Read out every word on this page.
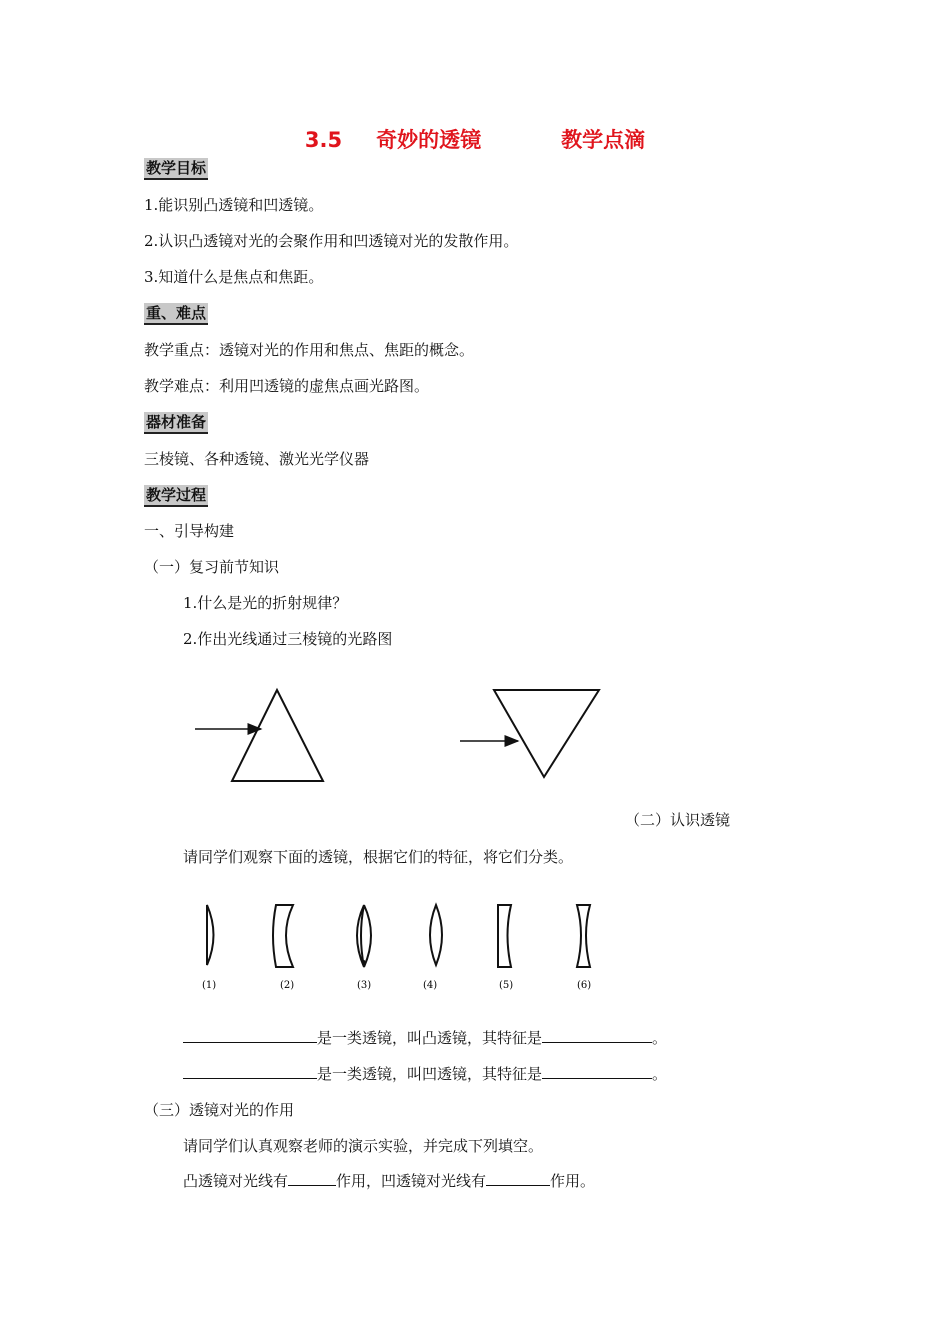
3.5 奇妙的透镜	教学点滴
教学目标
1.能识别凸透镜和凹透镜。
2.认识凸透镜对光的会聚作用和凹透镜对光的发散作用。
3.知道什么是焦点和焦距。
重、难点
教学重点：透镜对光的作用和焦点、焦距的概念。
教学难点：利用凹透镜的虚焦点画光路图。
器材准备
三棱镜、各种透镜、激光光学仪器
教学过程
一、引导构建
（一）复习前节知识
1.什么是光的折射规律？
2.作出光线通过三棱镜的光路图
（二）认识透镜
请同学们观察下面的透镜，根据它们的特征，将它们分类。
(1)	(2)	(3)	(4)	(5)	(6)
是一类透镜，叫凸透镜，其特征是	。
是一类透镜，叫凹透镜，其特征是	。
（三）透镜对光的作用
请同学们认真观察老师的演示实验，并完成下列填空。
凸透镜对光线有	作用，凹透镜对光线有	作用。
